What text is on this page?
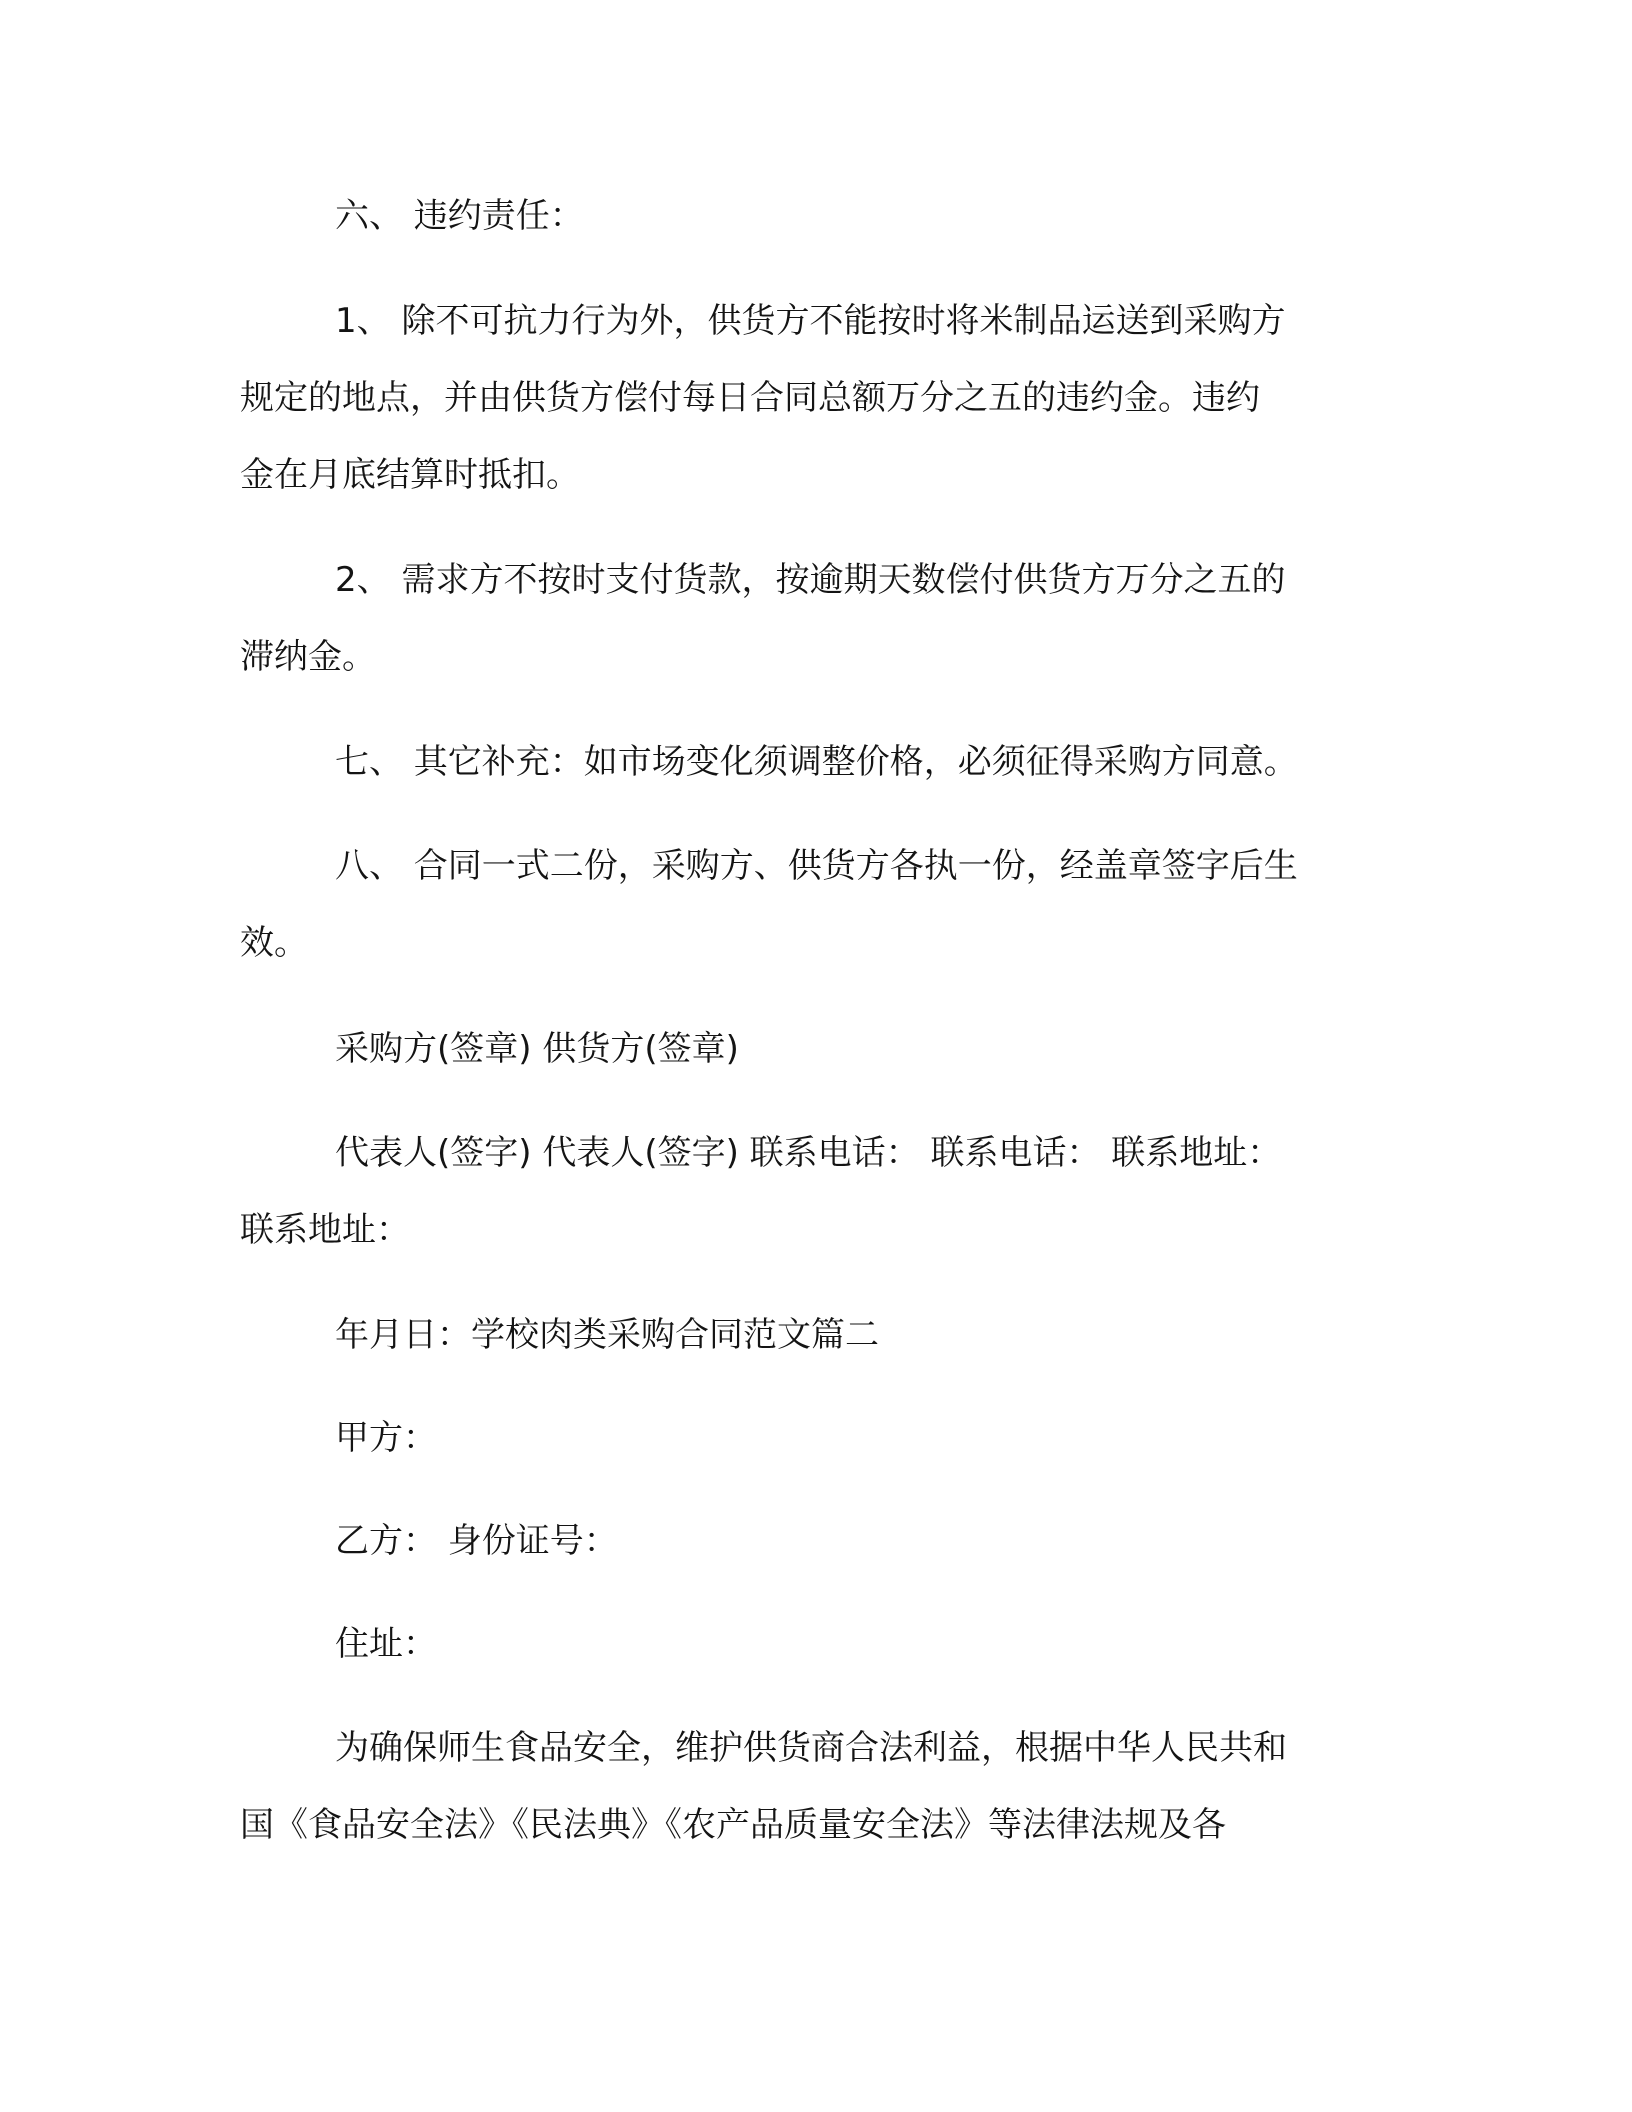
六、 违约责任：

1、 除不可抗力行为外，供货方不能按时将米制品运送到采购方
规定的地点，并由供货方偿付每日合同总额万分之五的违约金。违约
金在月底结算时抵扣。

2、 需求方不按时支付货款，按逾期天数偿付供货方万分之五的
滞纳金。

七、 其它补充：如市场变化须调整价格，必须征得采购方同意。

八、 合同一式二份，采购方、供货方各执一份，经盖章签字后生
效。

采购方(签章) 供货方(签章)

代表人(签字) 代表人(签字) 联系电话： 联系电话： 联系地址：
联系地址：

年月日：学校肉类采购合同范文篇二

甲方：

乙方： 身份证号：

住址：

为确保师生食品安全，维护供货商合法利益，根据中华人民共和
国《食品安全法》《民法典》《农产品质量安全法》等法律法规及各
